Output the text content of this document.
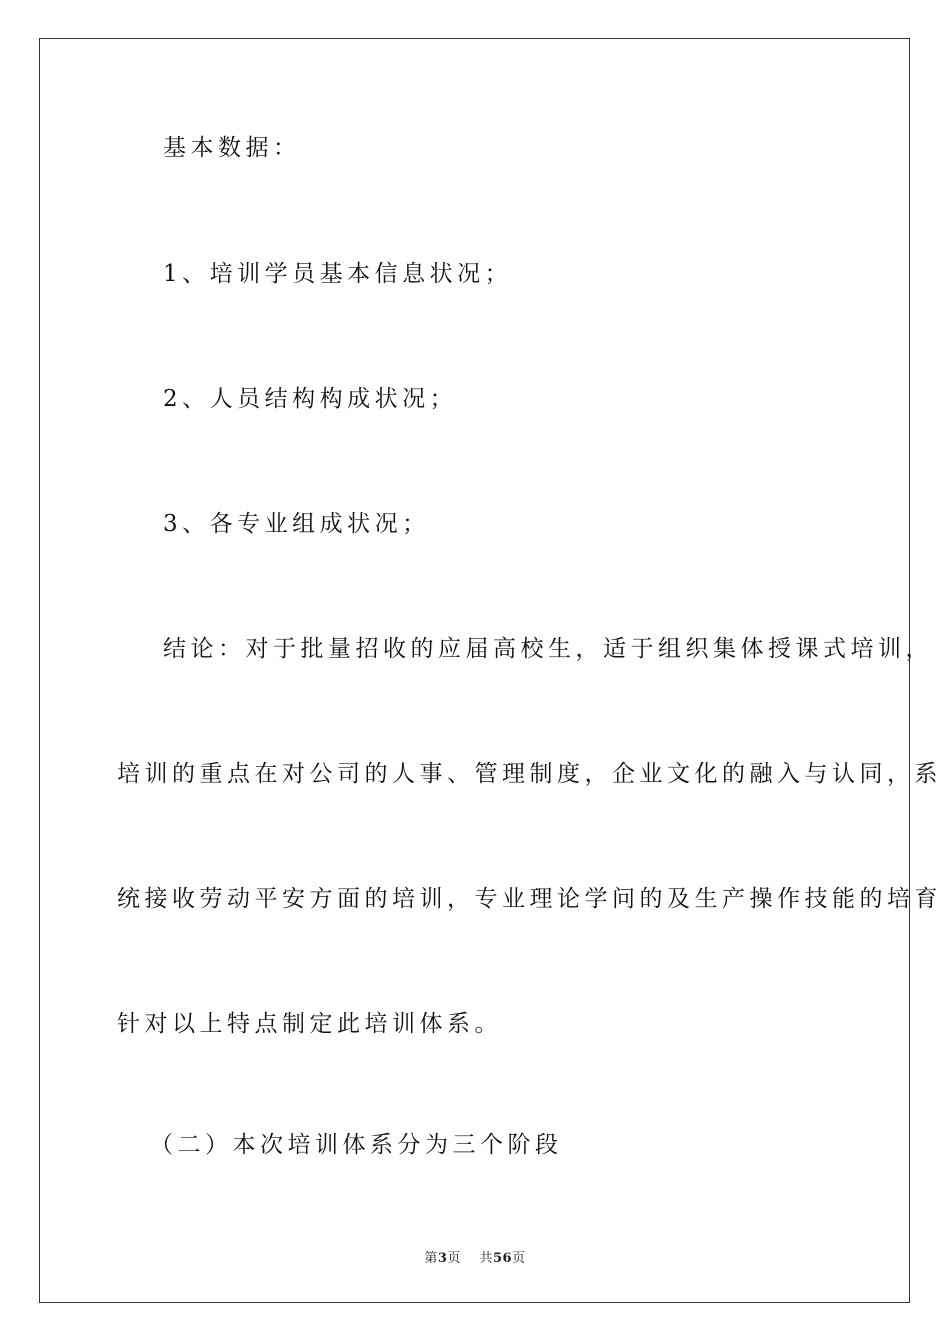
基本数据：
1、培训学员基本信息状况；
2、人员结构构成状况；
3、各专业组成状况；
结论：对于批量招收的应届高校生，适于组织集体授课式培训，
培训的重点在对公司的人事、管理制度，企业文化的融入与认同，系
统接收劳动平安方面的培训，专业理论学问的及生产操作技能的培育
针对以上特点制定此培训体系。
（二）本次培训体系分为三个阶段
第3页 共56页
